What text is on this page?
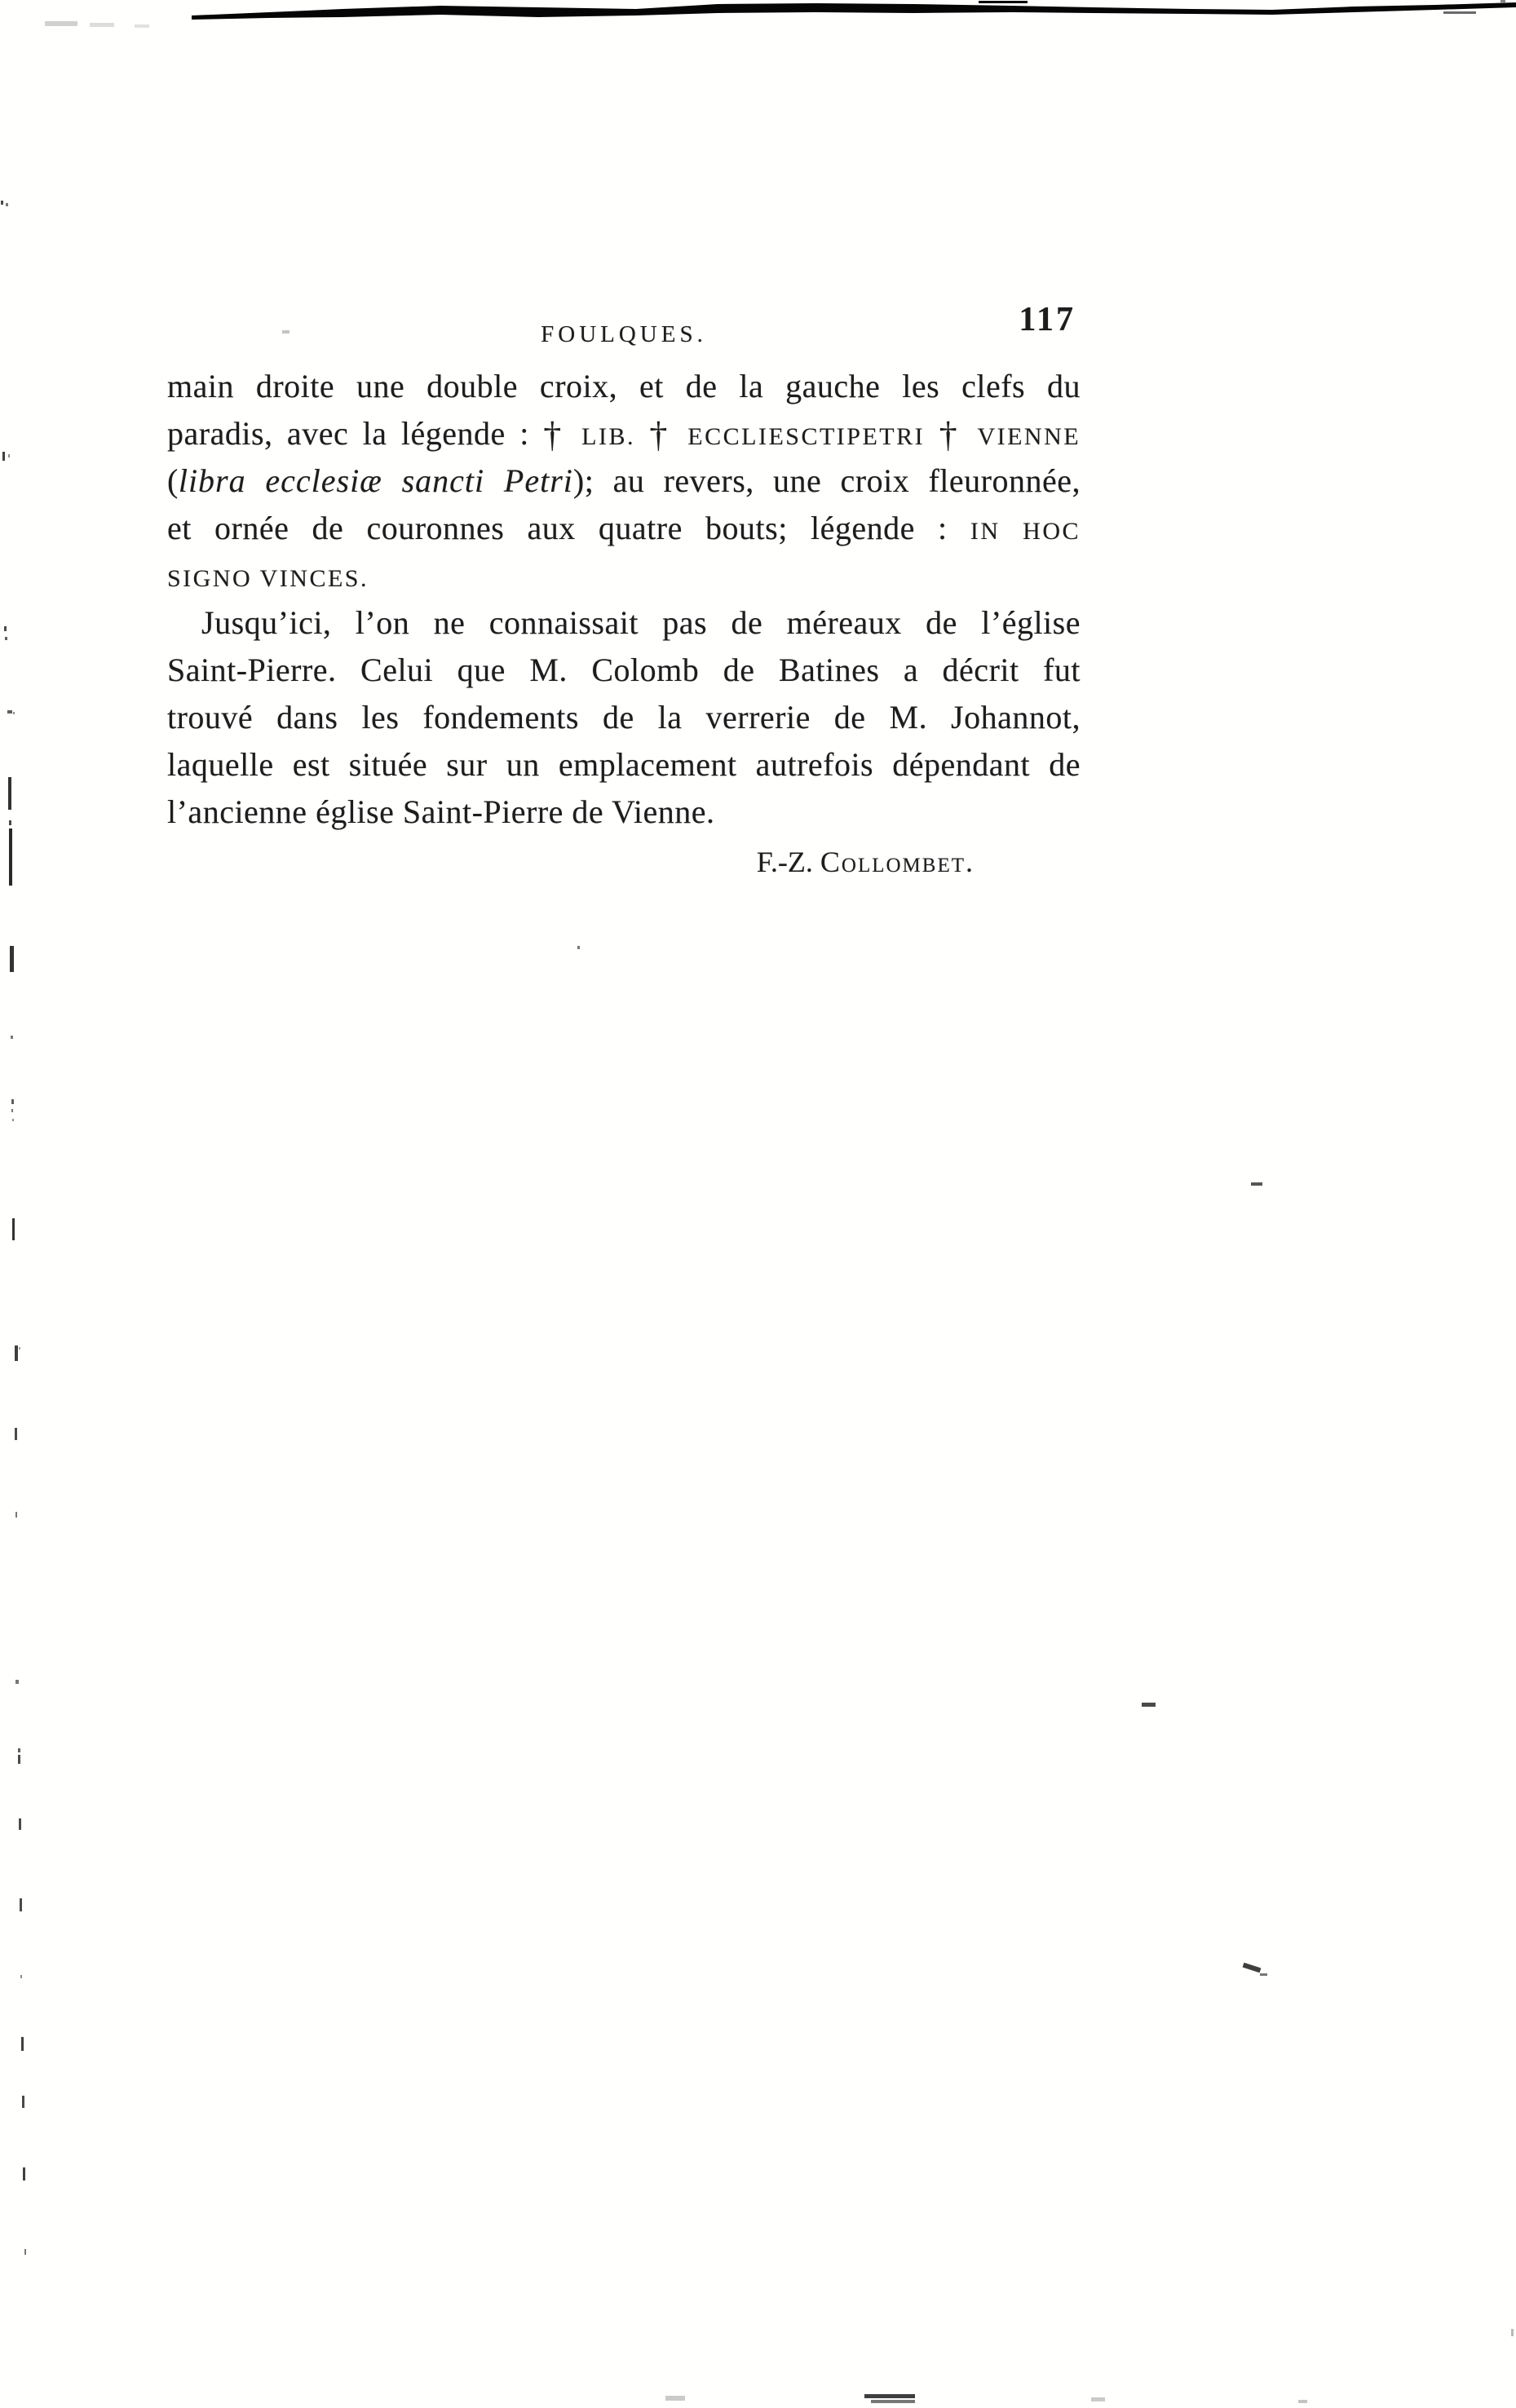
FOULQUES.	117
main droite une double croix, et de la gauche les clefs du
paradis, avec la légende : † LIB. † ECCLIESCTIPETRI † VIENNE
(libra ecclesiæ sancti Petri); au revers, une croix fleuronnée,
et ornée de couronnes aux quatre bouts; légende : IN HOC
SIGNO VINCES.
Jusqu’ici, l’on ne connaissait pas de méreaux de l’église
Saint-Pierre. Celui que M. Colomb de Batines a décrit fut
trouvé dans les fondements de la verrerie de M. Johannot,
laquelle est située sur un emplacement autrefois dépendant de
l’ancienne église Saint-Pierre de Vienne.
F.-Z. Collombet.
